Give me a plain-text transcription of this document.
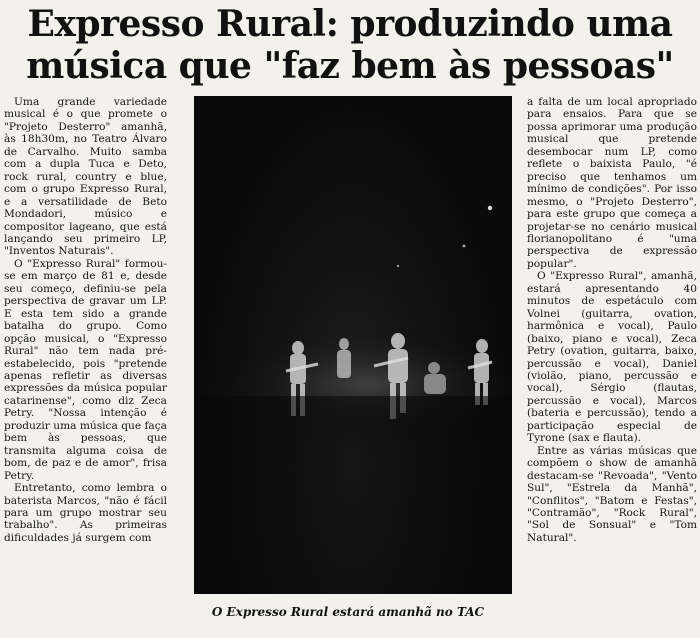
Expresso Rural: produzindo uma
música que "faz bem às pessoas"

Uma grande variedade musical é o que promete o "Projeto Desterro" amanhã, às 18h30m, no Teatro Álvaro de Carvalho. Muito samba com a dupla Tuca e Deto, rock rural, country e blue, com o grupo Expresso Rural, e a versatilidade de Beto Mondadori, músico e compositor lageano, que está lançando seu primeiro LP, "Inventos Naturais".

O "Expresso Rural" formou-se em março de 81 e, desde seu começo, definiu-se pela perspectiva de gravar um LP. E esta tem sido a grande batalha do grupo. Como opção musical, o "Expresso Rural" não tem nada pré-estabelecido, pois "pretende apenas refletir as diversas expressões da música popular catarinense", como diz Zeca Petry. "Nossa intenção é produzir uma música que faça bem às pessoas, que transmita alguma coisa de bom, de paz e de amor", frisa Petry.

Entretanto, como lembra o baterista Marcos, "não é fácil para um grupo mostrar seu trabalho". As primeiras dificuldades já surgem com

O Expresso Rural estará amanhã no TAC

a falta de um local apropriado para ensaios. Para que se possa aprimorar uma produção musical que pretende desembocar num LP, como reflete o baixista Paulo, "é preciso que tenhamos um mínimo de condições". Por isso mesmo, o "Projeto Desterro", para este grupo que começa a projetar-se no cenário musical florianopolitano é "uma perspectiva de expressão popular".

O "Expresso Rural", amanhã, estará apresentando 40 minutos de espetáculo com Volnei (guitarra, ovation, harmônica e vocal), Paulo (baixo, piano e vocal), Zeca Petry (ovation, guitarra, baixo, percussão e vocal), Daniel (violão, piano, percussão e vocal), Sérgio (flautas, percussão e vocal), Marcos (bateria e percussão), tendo a participação especial de Tyrone (sax e flauta).

Entre as várias músicas que compõem o show de amanhã destacam-se "Revoada", "Vento Sul", "Estrela da Manhã", "Conflitos", "Batom e Festas", "Contramão", "Rock Rural", "Sol de Sonsual" e "Tom Natural".
